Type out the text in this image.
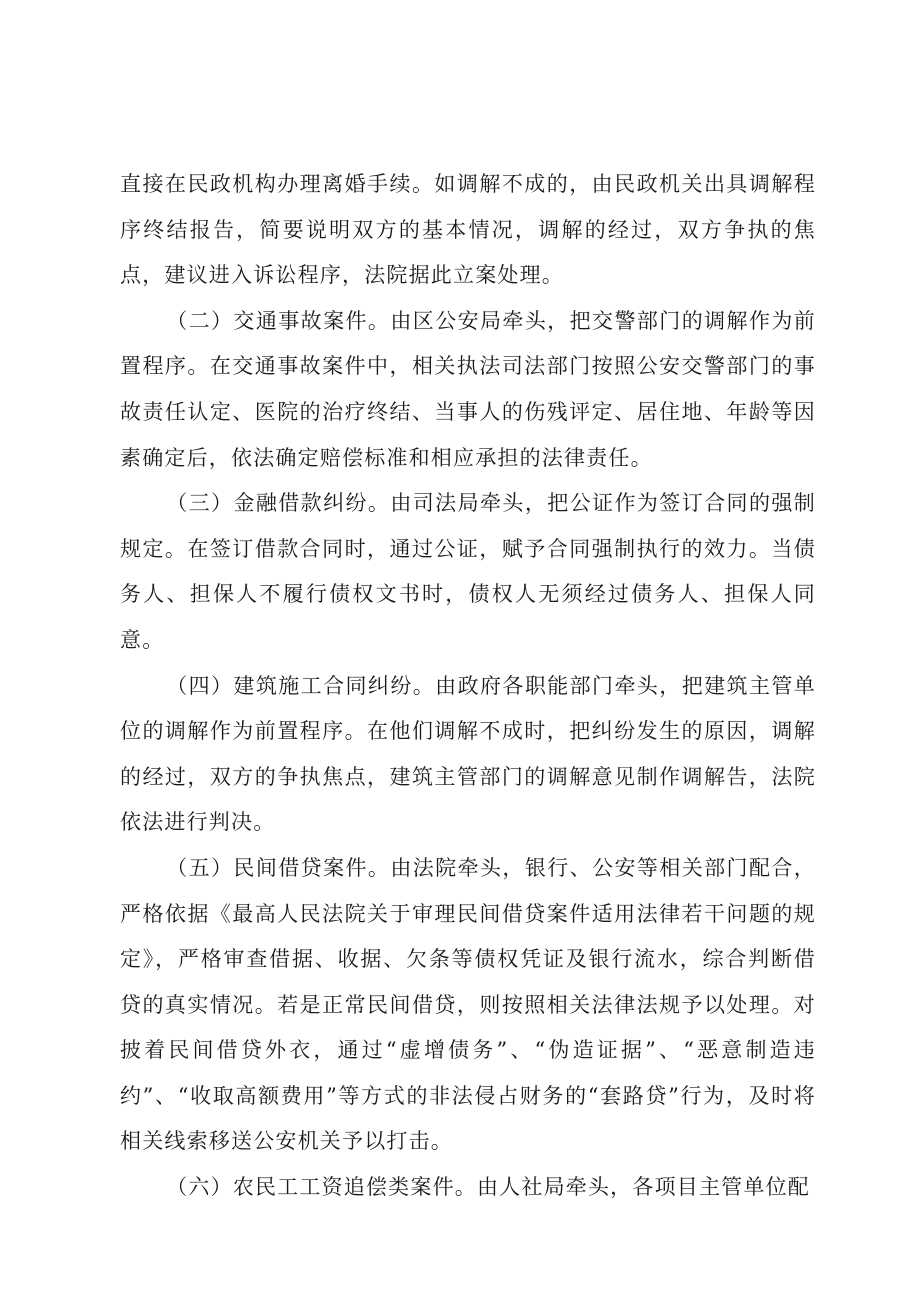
直接在民政机构办理离婚手续。如调解不成的，由民政机关出具调解程序终结报告，简要说明双方的基本情况，调解的经过，双方争执的焦点，建议进入诉讼程序，法院据此立案处理。

（二）交通事故案件。由区公安局牵头，把交警部门的调解作为前置程序。在交通事故案件中，相关执法司法部门按照公安交警部门的事故责任认定、医院的治疗终结、当事人的伤残评定、居住地、年龄等因素确定后，依法确定赔偿标准和相应承担的法律责任。

（三）金融借款纠纷。由司法局牵头，把公证作为签订合同的强制规定。在签订借款合同时，通过公证，赋予合同强制执行的效力。当债务人、担保人不履行债权文书时，债权人无须经过债务人、担保人同意。

（四）建筑施工合同纠纷。由政府各职能部门牵头，把建筑主管单位的调解作为前置程序。在他们调解不成时，把纠纷发生的原因，调解的经过，双方的争执焦点，建筑主管部门的调解意见制作调解告，法院依法进行判决。

（五）民间借贷案件。由法院牵头，银行、公安等相关部门配合，严格依据《最高人民法院关于审理民间借贷案件适用法律若干问题的规定》，严格审查借据、收据、欠条等债权凭证及银行流水，综合判断借贷的真实情况。若是正常民间借贷，则按照相关法律法规予以处理。对披着民间借贷外衣，通过“虚增债务”、“伪造证据”、“恶意制造违约”、“收取高额费用”等方式的非法侵占财务的“套路贷”行为，及时将相关线索移送公安机关予以打击。

（六）农民工工资追偿类案件。由人社局牵头，各项目主管单位配
